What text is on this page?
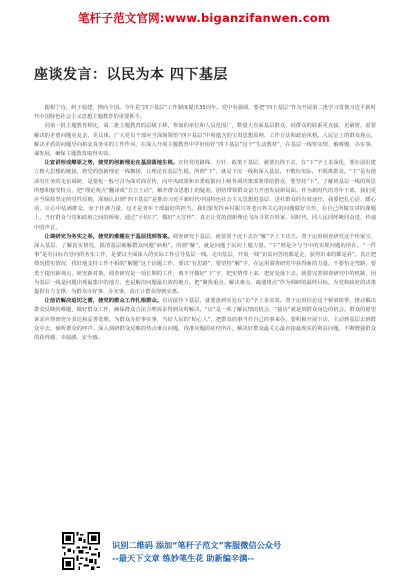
笔杆子范文官网:www.biganzifanwen.com
座谈发言：以民为本 四下基层

跟相宁诗，纠于福建、擦向全国。今年是“四下基层”工作制度提出35周年。党中央强调，要把“四下基层”作为开展第二批学习贯彻习近平新时代中国特色社会主义思想主题教育的重要抓手。

同第一批主题教育相比，第二批主题教育的层级下移，参加的单位和人员范围广，数量大直面基层群众，同群众的联系更直接、更紧密，需要解决的矛盾问题更复杂、更具体。广大党员干部应当深刻领悟“四下基层”中所蕴含的宝贵思想原则、工作方法和政治风格。人民呈上的群众观点，解决矛盾的问题导向和求真务实的工作作风，在深入开展主题教育中学好用好“四下基层”这个“生动教材”，在基层一线察实情、解难题、办实事、谋发展，确保主题教育取得实效。

让宣讲形成燎原之势，使党的创新理论在基层落地生根。宣传党的路线、方针、政策下基层，就要沉得下去，在“下”字上求深化，要在前沿建立格大思想的链接，将党的创新理论一线飘扬，让理论在基层生根。所谓“下”，就是下沉一线和深入基层，不敷衍实际，不脱离群众。“下”是有使命有任务的走访调研，是要化一般号召为面对面宣传，向中央政策和市委政策向上级各项决策部署带给群众，要坚持“下”。了解到基层一线的所思所想和接受特点，把“理论观点”翻译成“方言土话”，解开群众思想上的疑虑，团结带领群众奋力开创发展新局面。作为新时代的青年干部，我们更应当保持坚定的党性原则，深刻认识到“四下基层”是推动习近平新时代中国特色社会主义思想进基层、进社群众的有效途径，我要把扎心话、暖心话，让心中装满群众，身子扑满力量，这才是青年干部最好的担当。我们要发挥乡村振兴等老百姓关心的问题做好宣传，在自己所做宣讲的课题上，当好群众与党和政府之间的桥梁，通过“小切口”，做好“大宣传”，真正让党的创新理论飞向寻常百姓家，同时代、同人民同呼吸同奋进，传递中国声音。

让调研完为务实之举，使党的难题在于基层找到答案。调查研究下基层，就要善于沉下去在“解”字上下功夫。善于运用调查研究这个传家宝，深入基层，了解真实情况，摸清基层破解群众问题“病根”。所谓“解”，就是问题于民向上题力量。“下”则是全与当中的实现问题的所在。“一件事”是有目标有导向的务实工作，是要以全面深入的实际工作引导基层一线。走出基层，开展一线“访贫问苦的都是走，获得出来的都是看”。真正把情况摸实情况，找好地支持工作不相的“解题”这个话题工作。要以“有思路”，要坚持“解”字，在运用调查研究中获得新的力量，不要怕走弯路，要勇于提出新观点，研究新对策。调查研究是一项长期的工作，离不开做好“下”字，把实情带上来，把好处落下去。就要完善调查研究中的机制，因为基层一线是问题出现最集中的地方，也是解决问题最有效的地方。把“聚焦重点、解决难点、疏通堵点”作为调研的最终目标，为党和政府的决策提供有力支撑，为群众办好事、办实事，真正让群众得到实惠。

让信访解决迫切之需，使党的群众工作扎根群众。信访接待下基层，就要落到实处在“访”字上求实效。善于运用信访这个桥梁纽带，推动解决群众反映的难题，做好群众工作，确保群众合法合理诉求得到及时解决。“访”是一项了解民情的机会，“接访”就是到群众身边的机会。群众的愿望诉求应得到充分表达和妥善处理。为群众办好事实事，当好人民的“贴心人”，把群众的事当作自己的事来办。要积极开展下访，主动到基层去到群众中去，倾听群众的呼声。深入调研群众反映的热点难点问题，找准问题的症结所在，解决好群众最关心最直接最现实的利益问题。不断增强群众的获得感、幸福感、安全感。

识别二维码 添加“笔杆子范文”客服微信公众号
--最天下文章 练妙笔生花 助新编辛满--
